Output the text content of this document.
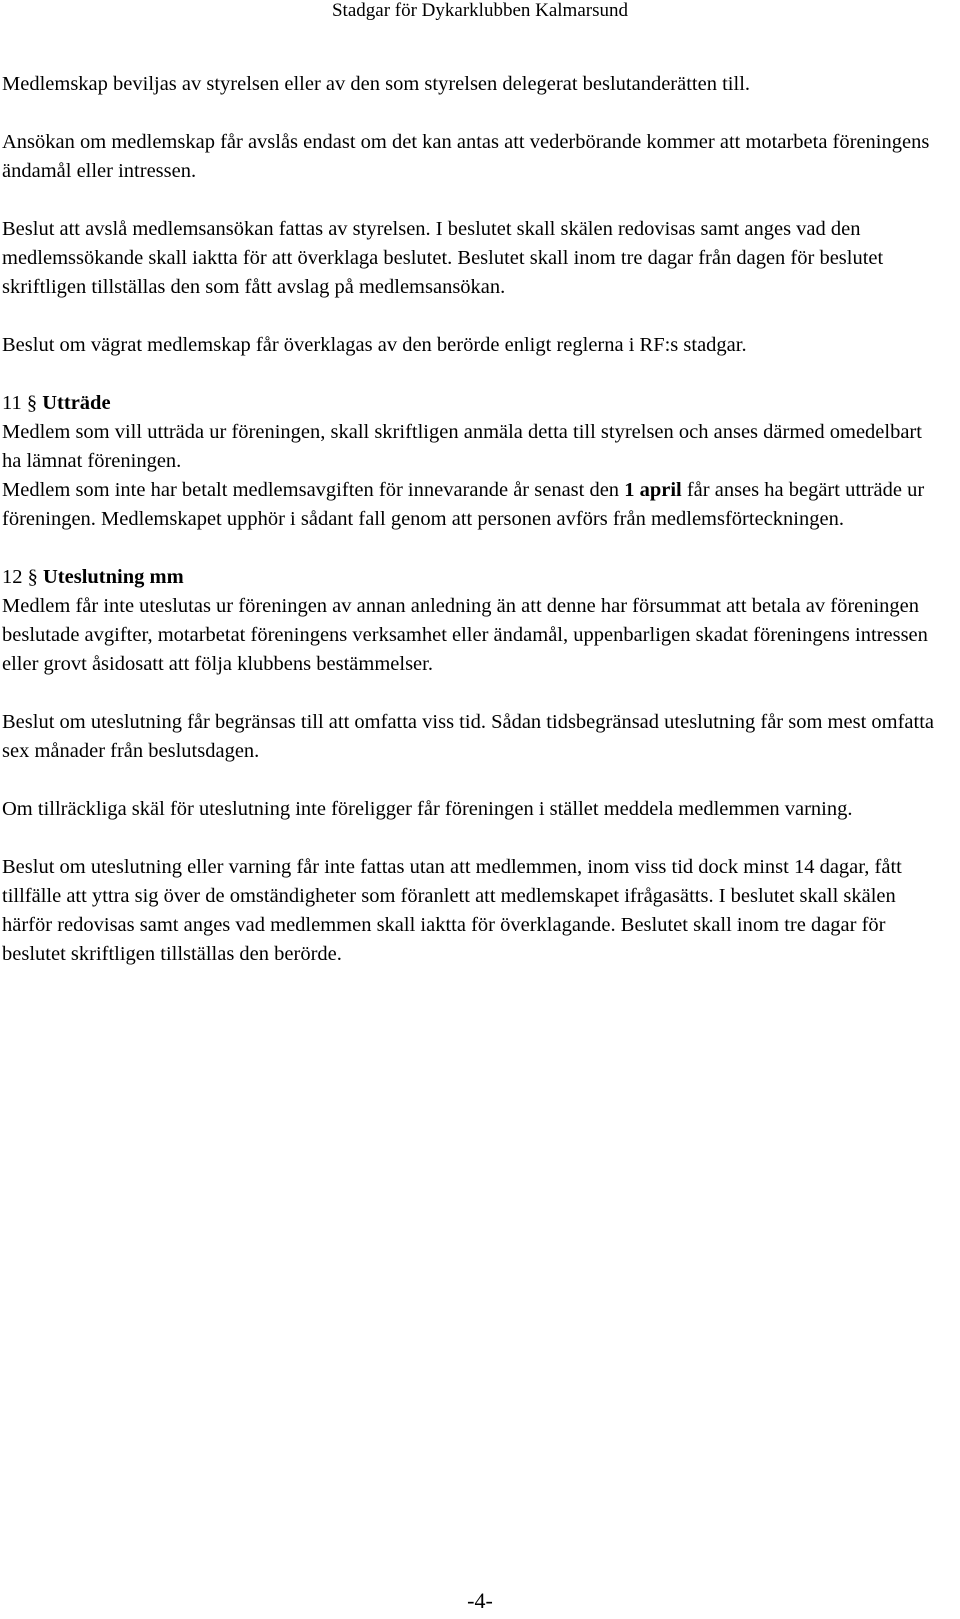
Stadgar för Dykarklubben Kalmarsund

Medlemskap beviljas av styrelsen eller av den som styrelsen delegerat beslutanderätten till.

Ansökan om medlemskap får avslås endast om det kan antas att vederbörande kommer att motarbeta föreningens ändamål eller intressen.

Beslut att avslå medlemsansökan fattas av styrelsen. I beslutet skall skälen redovisas samt anges vad den medlemssökande skall iaktta för att överklaga beslutet. Beslutet skall inom tre dagar från dagen för beslutet skriftligen tillställas den som fått avslag på medlemsansökan.

Beslut om vägrat medlemskap får överklagas av den berörde enligt reglerna i RF:s stadgar.

11 § Utträde

Medlem som vill utträda ur föreningen, skall skriftligen anmäla detta till styrelsen och anses därmed omedelbart ha lämnat föreningen.

Medlem som inte har betalt medlemsavgiften för innevarande år senast den 1 april får anses ha begärt utträde ur föreningen. Medlemskapet upphör i sådant fall genom att personen avförs från medlemsförteckningen.

12 § Uteslutning mm

Medlem får inte uteslutas ur föreningen av annan anledning än att denne har försummat att betala av föreningen beslutade avgifter, motarbetat föreningens verksamhet eller ändamål, uppenbarligen skadat föreningens intressen eller grovt åsidosatt att följa klubbens bestämmelser.

Beslut om uteslutning får begränsas till att omfatta viss tid. Sådan tidsbegränsad uteslutning får som mest omfatta sex månader från beslutsdagen.

Om tillräckliga skäl för uteslutning inte föreligger får föreningen i stället meddela medlemmen varning.

Beslut om uteslutning eller varning får inte fattas utan att medlemmen, inom viss tid dock minst 14 dagar, fått tillfälle att yttra sig över de omständigheter som föranlett att medlemskapet ifrågasätts. I beslutet skall skälen härför redovisas samt anges vad medlemmen skall iaktta för överklagande. Beslutet skall inom tre dagar för beslutet skriftligen tillställas den berörde.

-4-
